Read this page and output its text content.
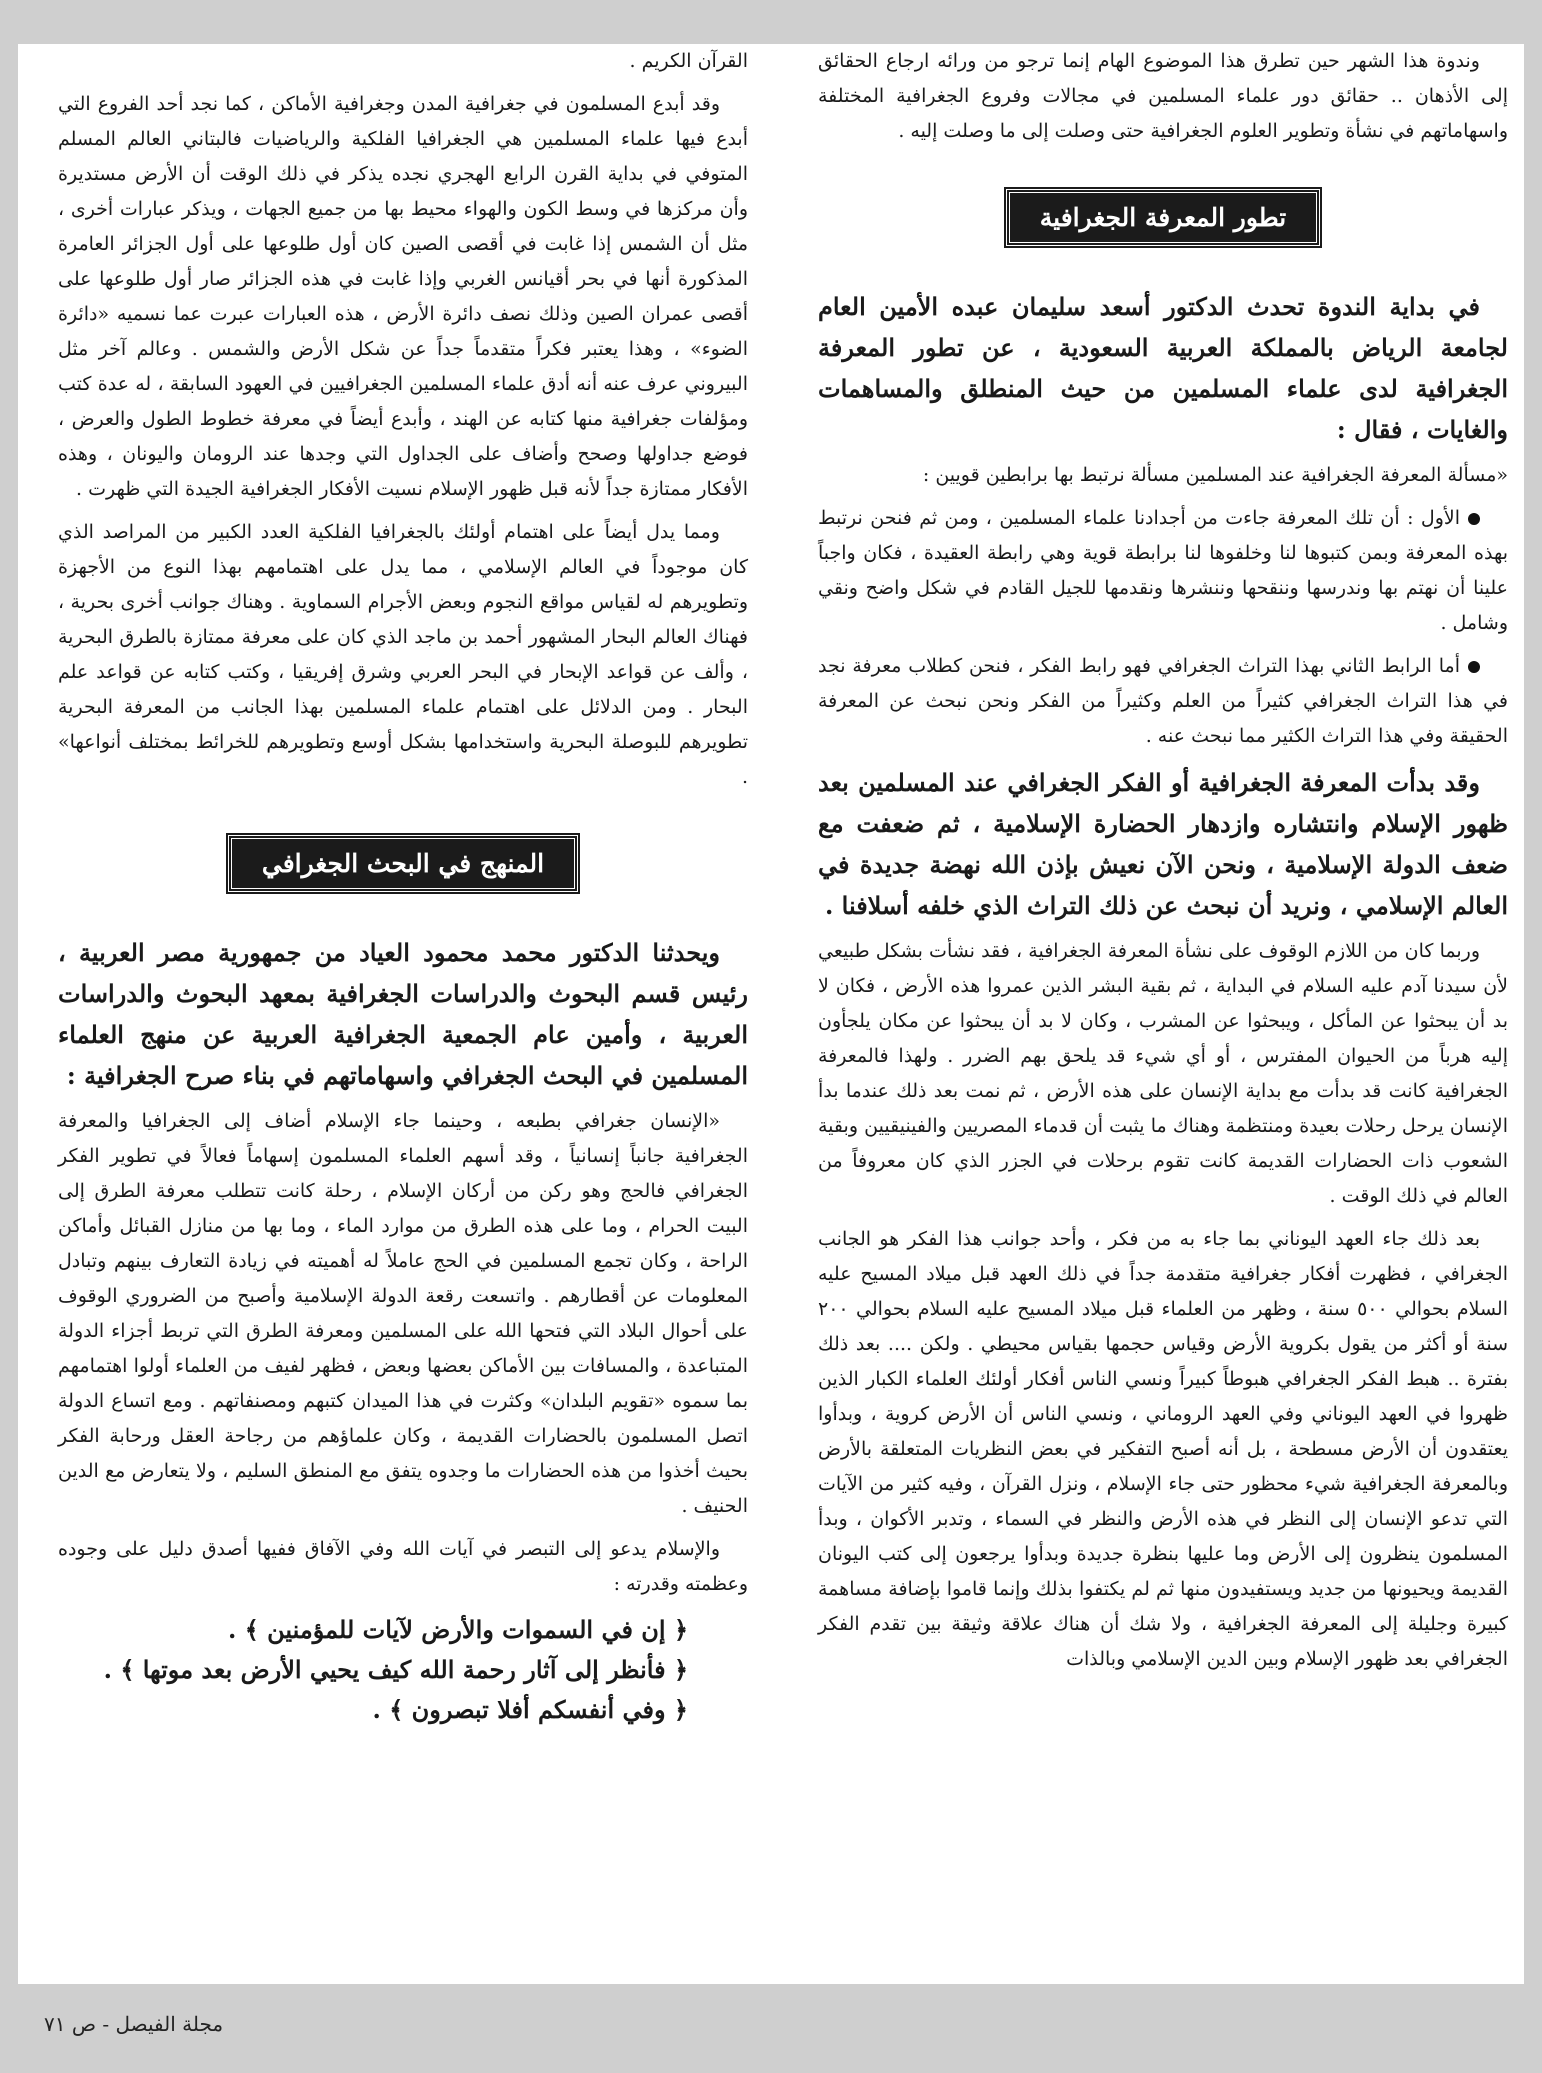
وندوة هذا الشهر حين تطرق هذا الموضوع الهام إنما ترجو من ورائه ارجاع الحقائق إلى الأذهان .. حقائق دور علماء المسلمين في مجالات وفروع الجغرافية المختلفة واسهاماتهم في نشأة وتطوير العلوم الجغرافية حتى وصلت إلى ما وصلت إليه .

تطور المعرفة الجغرافية

في بداية الندوة تحدث الدكتور أسعد سليمان عبده الأمين العام لجامعة الرياض بالمملكة العربية السعودية ، عن تطور المعرفة الجغرافية لدى علماء المسلمين من حيث المنطلق والمساهمات والغايات ، فقال :

«مسألة المعرفة الجغرافية عند المسلمين مسألة نرتبط بها برابطين قويين :

الأول : أن تلك المعرفة جاءت من أجدادنا علماء المسلمين ، ومن ثم فنحن نرتبط بهذه المعرفة وبمن كتبوها لنا وخلفوها لنا برابطة قوية وهي رابطة العقيدة ، فكان واجباً علينا أن نهتم بها وندرسها وننقحها وننشرها ونقدمها للجيل القادم في شكل واضح ونقي وشامل .

أما الرابط الثاني بهذا التراث الجغرافي فهو رابط الفكر ، فنحن كطلاب معرفة نجد في هذا التراث الجغرافي كثيراً من العلم وكثيراً من الفكر ونحن نبحث عن المعرفة الحقيقة وفي هذا التراث الكثير مما نبحث عنه .

وقد بدأت المعرفة الجغرافية أو الفكر الجغرافي عند المسلمين بعد ظهور الإسلام وانتشاره وازدهار الحضارة الإسلامية ، ثم ضعفت مع ضعف الدولة الإسلامية ، ونحن الآن نعيش بإذن الله نهضة جديدة في العالم الإسلامي ، ونريد أن نبحث عن ذلك التراث الذي خلفه أسلافنا .

وربما كان من اللازم الوقوف على نشأة المعرفة الجغرافية ، فقد نشأت بشكل طبيعي لأن سيدنا آدم عليه السلام في البداية ، ثم بقية البشر الذين عمروا هذه الأرض ، فكان لا بد أن يبحثوا عن المأكل ، ويبحثوا عن المشرب ، وكان لا بد أن يبحثوا عن مكان يلجأون إليه هرباً من الحيوان المفترس ، أو أي شيء قد يلحق بهم الضرر . ولهذا فالمعرفة الجغرافية كانت قد بدأت مع بداية الإنسان على هذه الأرض ، ثم نمت بعد ذلك عندما بدأ الإنسان يرحل رحلات بعيدة ومنتظمة وهناك ما يثبت أن قدماء المصريين والفينيقيين وبقية الشعوب ذات الحضارات القديمة كانت تقوم برحلات في الجزر الذي كان معروفاً من العالم في ذلك الوقت .

بعد ذلك جاء العهد اليوناني بما جاء به من فكر ، وأحد جوانب هذا الفكر هو الجانب الجغرافي ، فظهرت أفكار جغرافية متقدمة جداً في ذلك العهد قبل ميلاد المسيح عليه السلام بحوالي ٥٠٠ سنة ، وظهر من العلماء قبل ميلاد المسيح عليه السلام بحوالي ٢٠٠ سنة أو أكثر من يقول بكروية الأرض وقياس حجمها بقياس محيطي . ولكن .... بعد ذلك بفترة .. هبط الفكر الجغرافي هبوطاً كبيراً ونسي الناس أفكار أولئك العلماء الكبار الذين ظهروا في العهد اليوناني وفي العهد الروماني ، ونسي الناس أن الأرض كروية ، وبدأوا يعتقدون أن الأرض مسطحة ، بل أنه أصبح التفكير في بعض النظريات المتعلقة بالأرض وبالمعرفة الجغرافية شيء محظور حتى جاء الإسلام ، ونزل القرآن ، وفيه كثير من الآيات التي تدعو الإنسان إلى النظر في هذه الأرض والنظر في السماء ، وتدبر الأكوان ، وبدأ المسلمون ينظرون إلى الأرض وما عليها بنظرة جديدة وبدأوا يرجعون إلى كتب اليونان القديمة ويحيونها من جديد ويستفيدون منها ثم لم يكتفوا بذلك وإنما قاموا بإضافة مساهمة كبيرة وجليلة إلى المعرفة الجغرافية ، ولا شك أن هناك علاقة وثيقة بين تقدم الفكر الجغرافي بعد ظهور الإسلام وبين الدين الإسلامي وبالذات

القرآن الكريم .

وقد أبدع المسلمون في جغرافية المدن وجغرافية الأماكن ، كما نجد أحد الفروع التي أبدع فيها علماء المسلمين هي الجغرافيا الفلكية والرياضيات فالبتاني العالم المسلم المتوفي في بداية القرن الرابع الهجري نجده يذكر في ذلك الوقت أن الأرض مستديرة وأن مركزها في وسط الكون والهواء محيط بها من جميع الجهات ، ويذكر عبارات أخرى ، مثل أن الشمس إذا غابت في أقصى الصين كان أول طلوعها على أول الجزائر العامرة المذكورة أنها في بحر أقيانس الغربي وإذا غابت في هذه الجزائر صار أول طلوعها على أقصى عمران الصين وذلك نصف دائرة الأرض ، هذه العبارات عبرت عما نسميه «دائرة الضوء» ، وهذا يعتبر فكراً متقدماً جداً عن شكل الأرض والشمس . وعالم آخر مثل البيروني عرف عنه أنه أدق علماء المسلمين الجغرافيين في العهود السابقة ، له عدة كتب ومؤلفات جغرافية منها كتابه عن الهند ، وأبدع أيضاً في معرفة خطوط الطول والعرض ، فوضع جداولها وصحح وأضاف على الجداول التي وجدها عند الرومان واليونان ، وهذه الأفكار ممتازة جداً لأنه قبل ظهور الإسلام نسيت الأفكار الجغرافية الجيدة التي ظهرت .

ومما يدل أيضاً على اهتمام أولئك بالجغرافيا الفلكية العدد الكبير من المراصد الذي كان موجوداً في العالم الإسلامي ، مما يدل على اهتمامهم بهذا النوع من الأجهزة وتطويرهم له لقياس مواقع النجوم وبعض الأجرام السماوية . وهناك جوانب أخرى بحرية ، فهناك العالم البحار المشهور أحمد بن ماجد الذي كان على معرفة ممتازة بالطرق البحرية ، وألف عن قواعد الإبحار في البحر العربي وشرق إفريقيا ، وكتب كتابه عن قواعد علم البحار . ومن الدلائل على اهتمام علماء المسلمين بهذا الجانب من المعرفة البحرية تطويرهم للبوصلة البحرية واستخدامها بشكل أوسع وتطويرهم للخرائط بمختلف أنواعها» .

المنهج في البحث الجغرافي

ويحدثنا الدكتور محمد محمود العياد من جمهورية مصر العربية ، رئيس قسم البحوث والدراسات الجغرافية بمعهد البحوث والدراسات العربية ، وأمين عام الجمعية الجغرافية العربية عن منهج العلماء المسلمين في البحث الجغرافي واسهاماتهم في بناء صرح الجغرافية :

«الإنسان جغرافي بطبعه ، وحينما جاء الإسلام أضاف إلى الجغرافيا والمعرفة الجغرافية جانباً إنسانياً ، وقد أسهم العلماء المسلمون إسهاماً فعالاً في تطوير الفكر الجغرافي فالحج وهو ركن من أركان الإسلام ، رحلة كانت تتطلب معرفة الطرق إلى البيت الحرام ، وما على هذه الطرق من موارد الماء ، وما بها من منازل القبائل وأماكن الراحة ، وكان تجمع المسلمين في الحج عاملاً له أهميته في زيادة التعارف بينهم وتبادل المعلومات عن أقطارهم . واتسعت رقعة الدولة الإسلامية وأصبح من الضروري الوقوف على أحوال البلاد التي فتحها الله على المسلمين ومعرفة الطرق التي تربط أجزاء الدولة المتباعدة ، والمسافات بين الأماكن بعضها وبعض ، فظهر لفيف من العلماء أولوا اهتمامهم بما سموه «تقويم البلدان» وكثرت في هذا الميدان كتبهم ومصنفاتهم . ومع اتساع الدولة اتصل المسلمون بالحضارات القديمة ، وكان علماؤهم من رجاحة العقل ورحابة الفكر بحيث أخذوا من هذه الحضارات ما وجدوه يتفق مع المنطق السليم ، ولا يتعارض مع الدين الحنيف .

والإسلام يدعو إلى التبصر في آيات الله وفي الآفاق ففيها أصدق دليل على وجوده وعظمته وقدرته :

﴿ إن في السموات والأرض لآيات للمؤمنين ﴾ .

﴿ فأنظر إلى آثار رحمة الله كيف يحيي الأرض بعد موتها ﴾ .

﴿ وفي أنفسكم أفلا تبصرون ﴾ .

مجلة الفيصل - ص ٧١
